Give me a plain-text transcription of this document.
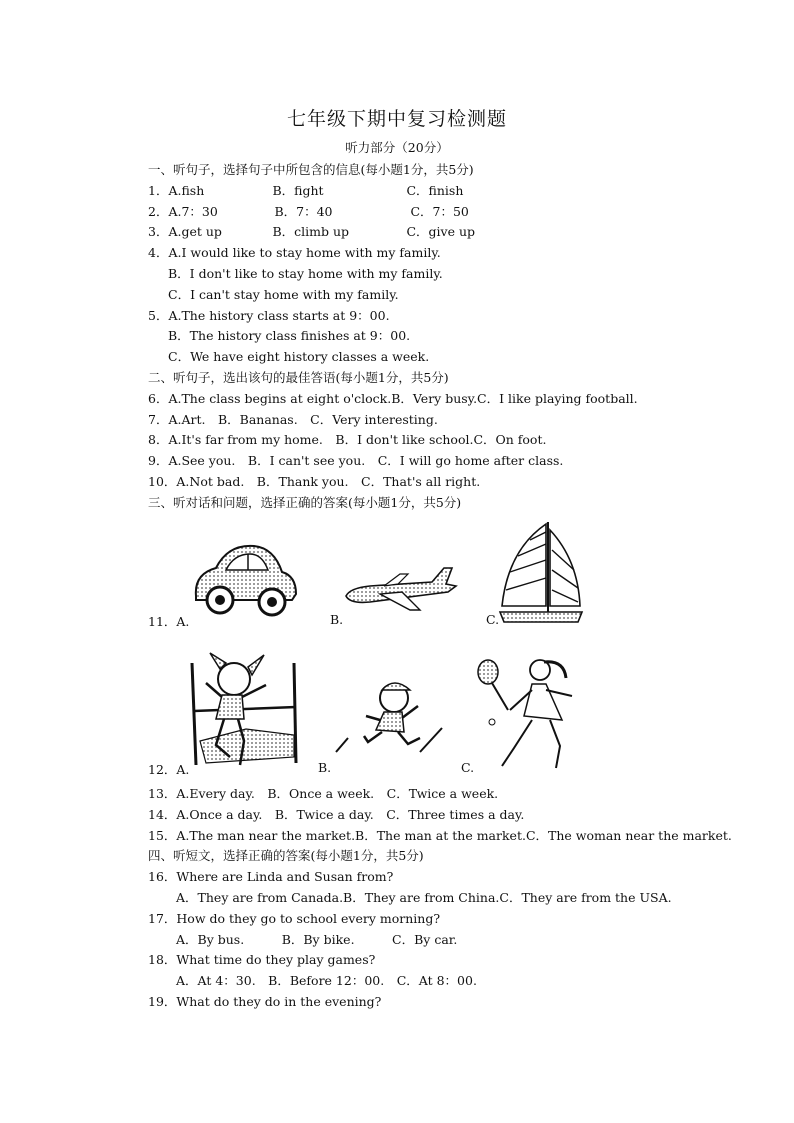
七年级下期中复习检测题
听力部分（20分）
一、听句子，选择句子中所包含的信息(每小题1分，共5分)
1．A.fish	B．fight	C．finish
2．A.7：30	B．7：40	C．7：50
3．A.get up	B．climb up	C．give up
4．A.I would like to stay home with my family.
B．I don't like to stay home with my family.
C．I can't stay home with my family.
5．A.The history class starts at 9：00.
B．The history class finishes at 9：00.
C．We have eight history classes a week.
二、听句子，选出该句的最佳答语(每小题1分，共5分)
6．A.The class begins at eight o'clock.B．Very busy.C．I like playing football.
7．A.Art.　B．Bananas.　C．Very interesting.
8．A.It's far from my home.　B．I don't like school.C．On foot.
9．A.See you.　B．I can't see you.　C．I will go home after class.
10．A.Not bad.　B．Thank you.　C．That's all right.
三、听对话和问题，选择正确的答案(每小题1分，共5分)
11．A.	B.	C.
12．A.	B.	C.
13．A.Every day.　B．Once a week.　C．Twice a week.
14．A.Once a day.　B．Twice a day.　C．Three times a day.
15．A.The man near the market.B．The man at the market.C．The woman near the market.
四、听短文，选择正确的答案(每小题1分，共5分)
16．Where are Linda and Susan from?
A．They are from Canada.B．They are from China.C．They are from the USA.
17．How do they go to school every morning?
A．By bus.　　　B．By bike.　　　C．By car.
18．What time do they play games?
A．At 4：30.　B．Before 12：00.　C．At 8：00.
19．What do they do in the evening?
